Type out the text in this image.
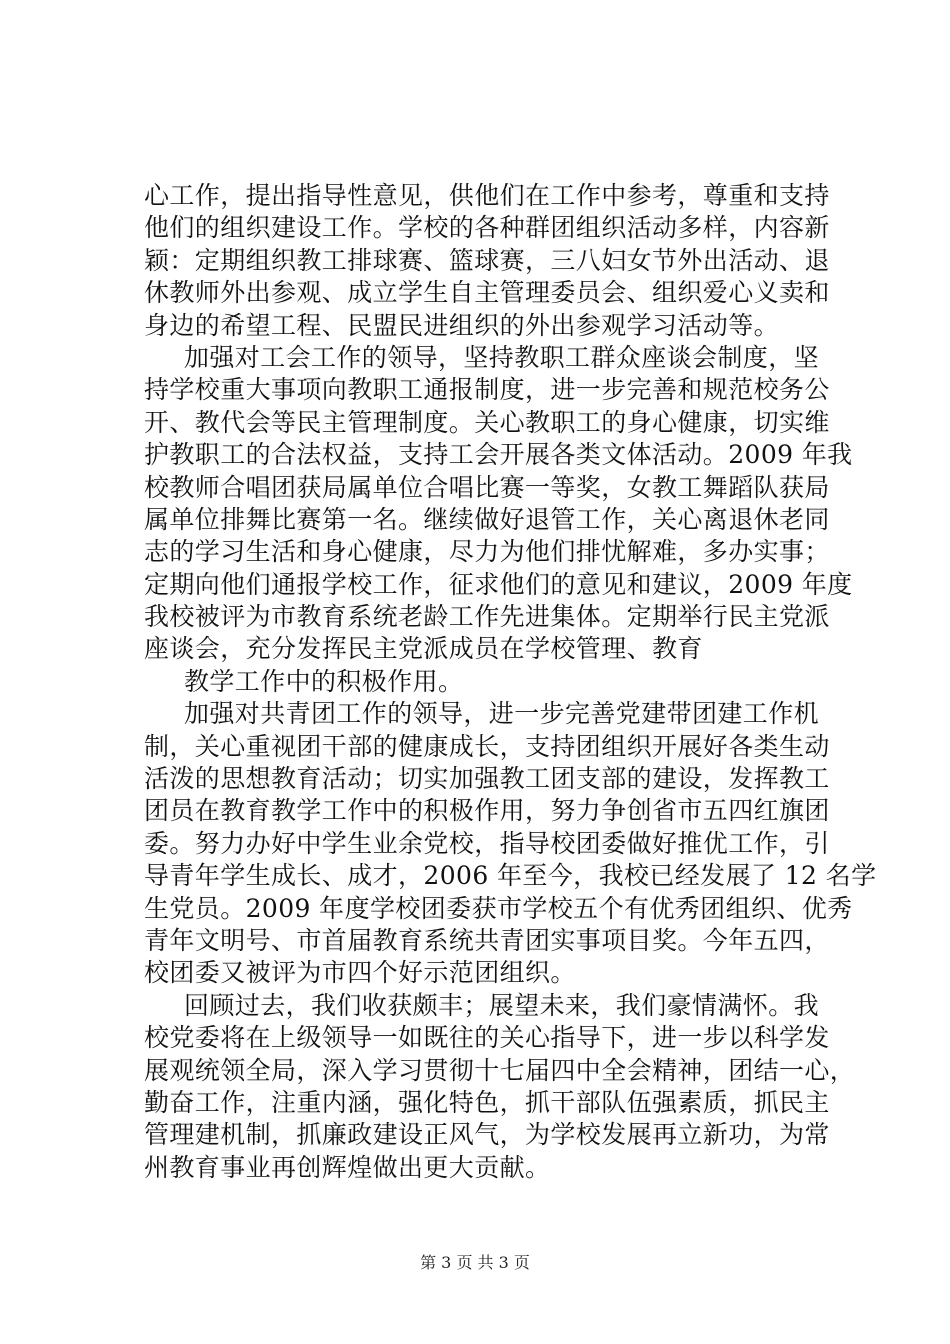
心工作，提出指导性意见，供他们在工作中参考，尊重和支持
他们的组织建设工作。学校的各种群团组织活动多样，内容新
颖：定期组织教工排球赛、篮球赛，三八妇女节外出活动、退
休教师外出参观、成立学生自主管理委员会、组织爱心义卖和
身边的希望工程、民盟民进组织的外出参观学习活动等。
加强对工会工作的领导，坚持教职工群众座谈会制度，坚
持学校重大事项向教职工通报制度，进一步完善和规范校务公
开、教代会等民主管理制度。关心教职工的身心健康，切实维
护教职工的合法权益，支持工会开展各类文体活动。2009 年我
校教师合唱团获局属单位合唱比赛一等奖，女教工舞蹈队获局
属单位排舞比赛第一名。继续做好退管工作，关心离退休老同
志的学习生活和身心健康，尽力为他们排忧解难，多办实事；
定期向他们通报学校工作，征求他们的意见和建议，2009 年度
我校被评为市教育系统老龄工作先进集体。定期举行民主党派
座谈会，充分发挥民主党派成员在学校管理、教育
教学工作中的积极作用。
加强对共青团工作的领导，进一步完善党建带团建工作机
制，关心重视团干部的健康成长，支持团组织开展好各类生动
活泼的思想教育活动；切实加强教工团支部的建设，发挥教工
团员在教育教学工作中的积极作用，努力争创省市五四红旗团
委。努力办好中学生业余党校，指导校团委做好推优工作，引
导青年学生成长、成才，2006 年至今，我校已经发展了 12 名学
生党员。2009 年度学校团委获市学校五个有优秀团组织、优秀
青年文明号、市首届教育系统共青团实事项目奖。今年五四，
校团委又被评为市四个好示范团组织。
回顾过去，我们收获颇丰；展望未来，我们豪情满怀。我
校党委将在上级领导一如既往的关心指导下，进一步以科学发
展观统领全局，深入学习贯彻十七届四中全会精神，团结一心，
勤奋工作，注重内涵，强化特色，抓干部队伍强素质，抓民主
管理建机制，抓廉政建设正风气，为学校发展再立新功，为常
州教育事业再创辉煌做出更大贡献。
第 3 页 共 3 页
